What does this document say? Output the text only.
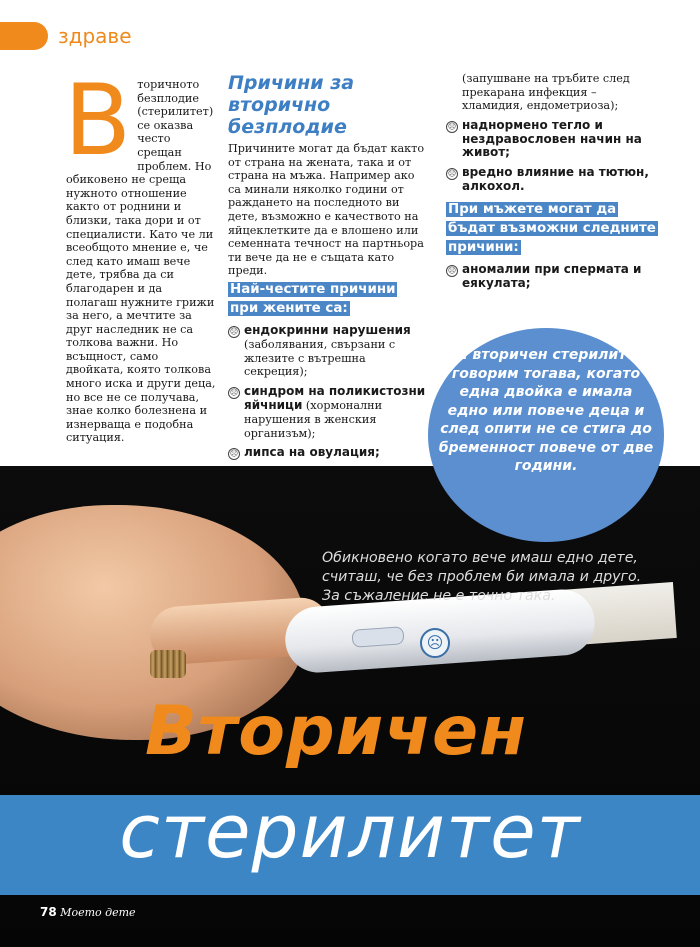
здраве
В торичното безплодие (стерилитет) се оказва често срещан проблем. Но обиковено не среща нужното отношение както от роднини и близки, така дори и от специалисти. Като че ли всеобщото мнение е, че след като имаш вече дете, трябва да си благодарен и да полагаш нужните грижи за него, а мечтите за друг наследник не са толкова важни. Но всъщност, само двойката, която толкова много иска и други деца, но все не се получава, знае колко болезнена и изнерваща е подобна ситуация.

Причини за вторично безплодие

Причините могат да бъдат както от страна на жената, така и от страна на мъжа. Например ако са минали няколко години от раждането на последното ви дете, възможно е качеството на яйцеклетките да е влошено или семенната течност на партньора ти вече да не е същата като преди.

Най-честите причини при жените са:
☹ ендокринни нарушения (заболявания, свързани с жлезите с вътрешна секреция);
☹ синдром на поликистозни яйчници (хормонални нарушения в женския организъм);
☹ липса на овулация;

(запушване на тръбите след прекарана инфекция – хламидия, ендометриоза);

☹ наднормено тегло и нездравословен начин на живот;
☹ вредно влияние на тютюн, алкохол.
При мъжете могат да бъдат възможни следните причини:
☹ аномалии при спермата и еякулата;
☹
За вторичен стерилитет говорим тогава, когато една двойка е имала едно или повече деца и след опити не се стига до бременност повече от две години.
Обикновено когато вече имаш едно дете, считаш, че без проблем би имала и друго. За съжаление не е точно така.
Вторичен
стерилитет
78 Моето дете
